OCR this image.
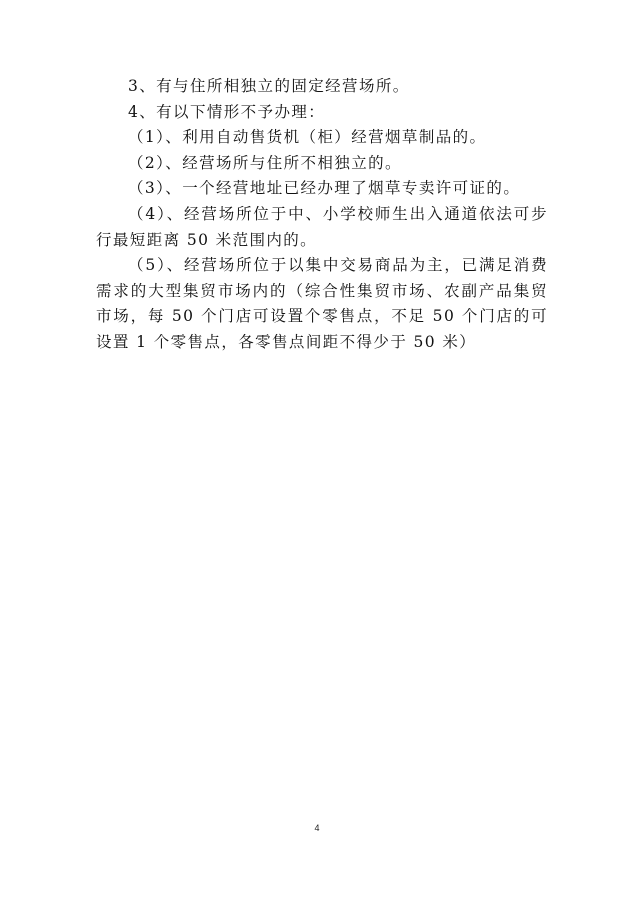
3、有与住所相独立的固定经营场所。

4、有以下情形不予办理：

（1）、利用自动售货机（柜）经营烟草制品的。

（2）、经营场所与住所不相独立的。

（3）、一个经营地址已经办理了烟草专卖许可证的。

（4）、经营场所位于中、小学校师生出入通道依法可步行最短距离 50 米范围内的。

（5）、经营场所位于以集中交易商品为主，已满足消费需求的大型集贸市场内的（综合性集贸市场、农副产品集贸市场，每 50 个门店可设置个零售点，不足 50 个门店的可设置 1 个零售点，各零售点间距不得少于 50 米）

4
